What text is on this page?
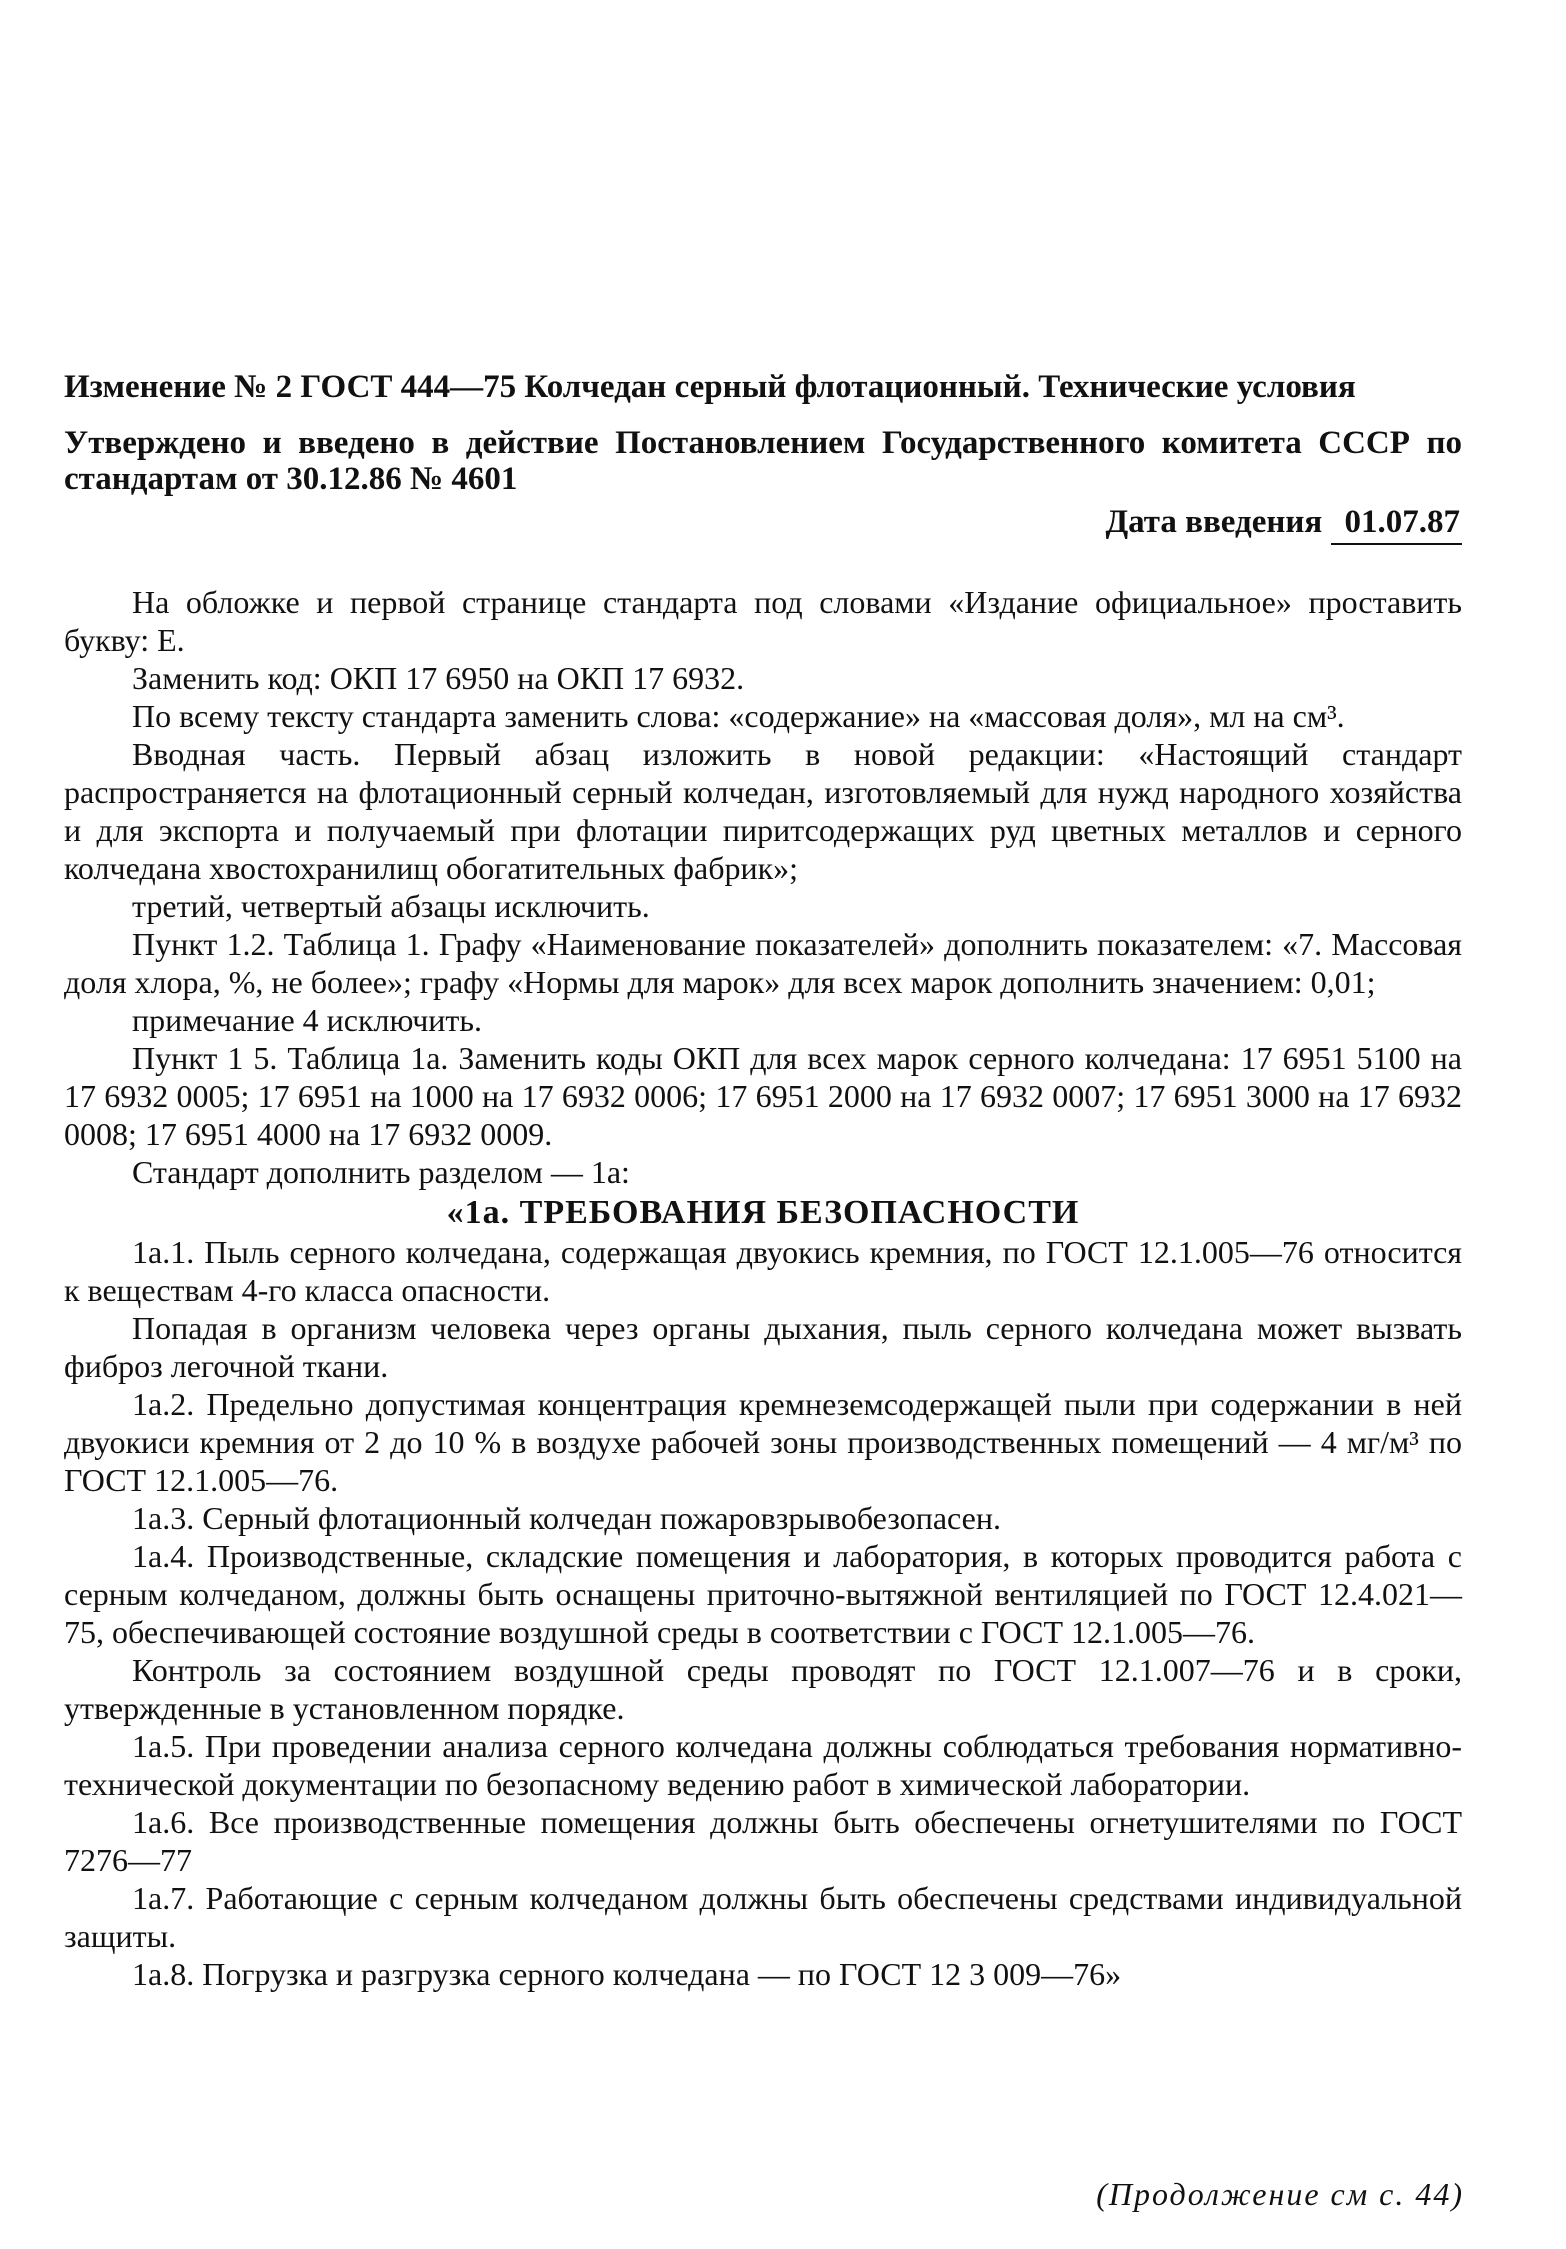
Изменение № 2 ГОСТ 444—75 Колчедан серный флотационный. Технические условия

Утверждено и введено в действие Постановлением Государственного комитета СССР по стандартам от 30.12.86 № 4601

Дата введения 01.07.87

На обложке и первой странице стандарта под словами «Издание официальное» проставить букву: Е.

Заменить код: ОКП 17 6950 на ОКП 17 6932.

По всему тексту стандарта заменить слова: «содержание» на «массовая доля», мл на см³.

Вводная часть. Первый абзац изложить в новой редакции: «Настоящий стандарт распространяется на флотационный серный колчедан, изготовляемый для нужд народного хозяйства и для экспорта и получаемый при флотации пиритсодержащих руд цветных металлов и серного колчедана хвостохранилищ обогатительных фабрик»;

третий, четвертый абзацы исключить.

Пункт 1.2. Таблица 1. Графу «Наименование показателей» дополнить показателем: «7. Массовая доля хлора, %, не более»; графу «Нормы для марок» для всех марок дополнить значением: 0,01;

примечание 4 исключить.

Пункт 1 5. Таблица 1а. Заменить коды ОКП для всех марок серного колчедана: 17 6951 5100 на 17 6932 0005; 17 6951 на 1000 на 17 6932 0006; 17 6951 2000 на 17 6932 0007; 17 6951 3000 на 17 6932 0008; 17 6951 4000 на 17 6932 0009.

Стандарт дополнить разделом — 1а:

«1а. ТРЕБОВАНИЯ БЕЗОПАСНОСТИ

1а.1. Пыль серного колчедана, содержащая двуокись кремния, по ГОСТ 12.1.005—76 относится к веществам 4-го класса опасности.

Попадая в организм человека через органы дыхания, пыль серного колчедана может вызвать фиброз легочной ткани.

1а.2. Предельно допустимая концентрация кремнеземсодержащей пыли при содержании в ней двуокиси кремния от 2 до 10 % в воздухе рабочей зоны производственных помещений — 4 мг/м³ по ГОСТ 12.1.005—76.

1а.3. Серный флотационный колчедан пожаровзрывобезопасен.

1а.4. Производственные, складские помещения и лаборатория, в которых проводится работа с серным колчеданом, должны быть оснащены приточно-вытяжной вентиляцией по ГОСТ 12.4.021—75, обеспечивающей состояние воздушной среды в соответствии с ГОСТ 12.1.005—76.

Контроль за состоянием воздушной среды проводят по ГОСТ 12.1.007—76 и в сроки, утвержденные в установленном порядке.

1а.5. При проведении анализа серного колчедана должны соблюдаться требования нормативно-технической документации по безопасному ведению работ в химической лаборатории.

1а.6. Все производственные помещения должны быть обеспечены огнетушителями по ГОСТ 7276—77

1а.7. Работающие с серным колчеданом должны быть обеспечены средствами индивидуальной защиты.

1а.8. Погрузка и разгрузка серного колчедана — по ГОСТ 12 3 009—76»

(Продолжение см с. 44)
